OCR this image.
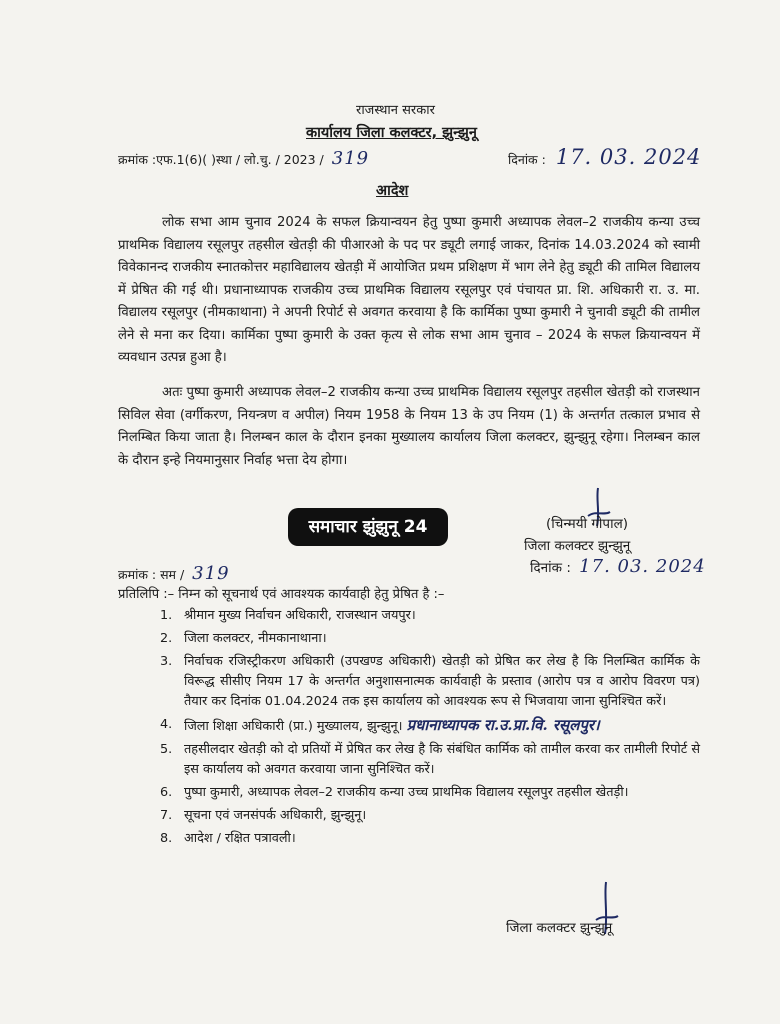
राजस्थान सरकार
कार्यालय जिला कलक्टर, झुन्झुनू
क्रमांक :एफ.1(6)( )स्था / लो.चु. / 2023 / 319	दिनांक : 17. 03. 2024
आदेश
लोक सभा आम चुनाव 2024 के सफल क्रियान्वयन हेतु पुष्पा कुमारी अध्यापक लेवल–2 राजकीय कन्या उच्च प्राथमिक विद्यालय रसूलपुर तहसील खेतड़ी की पीआरओ के पद पर ड्यूटी लगाई जाकर, दिनांक 14.03.2024 को स्वामी विवेकानन्द राजकीय स्नातकोत्तर महाविद्यालय खेतड़ी में आयोजित प्रथम प्रशिक्षण में भाग लेने हेतु ड्यूटी की तामिल विद्यालय में प्रेषित की गई थी। प्रधानाध्यापक राजकीय उच्च प्राथमिक विद्यालय रसूलपुर एवं पंचायत प्रा. शि. अधिकारी रा. उ. मा. विद्यालय रसूलपुर (नीमकाथाना) ने अपनी रिपोर्ट से अवगत करवाया है कि कार्मिका पुष्पा कुमारी ने चुनावी ड्यूटी की तामील लेने से मना कर दिया। कार्मिका पुष्पा कुमारी के उक्त कृत्य से लोक सभा आम चुनाव – 2024 के सफल क्रियान्वयन में व्यवधान उत्पन्न हुआ है।
अतः पुष्पा कुमारी अध्यापक लेवल–2 राजकीय कन्या उच्च प्राथमिक विद्यालय रसूलपुर तहसील खेतड़ी को राजस्थान सिविल सेवा (वर्गीकरण, नियन्त्रण व अपील) नियम 1958 के नियम 13 के उप नियम (1) के अन्तर्गत तत्काल प्रभाव से निलम्बित किया जाता है। निलम्बन काल के दौरान इनका मुख्यालय कार्यालय जिला कलक्टर, झुन्झुनू रहेगा। निलम्बन काल के दौरान इन्हे नियमानुसार निर्वाह भत्ता देय होगा।
समाचार झुंझुनू 24	(चिन्मयी गोपाल)
जिला कलक्टर झुन्झुनू
दिनांक : 17. 03. 2024
क्रमांक : सम / 319
प्रतिलिपि :– निम्न को सूचनार्थ एवं आवश्यक कार्यवाही हेतु प्रेषित है :–
1. श्रीमान मुख्य निर्वाचन अधिकारी, राजस्थान जयपुर।
2. जिला कलक्टर, नीमकानाथाना।
3. निर्वाचक रजिस्ट्रीकरण अधिकारी (उपखण्ड अधिकारी) खेतड़ी को प्रेषित कर लेख है कि निलम्बित कार्मिक के विरूद्ध सीसीए नियम 17 के अन्तर्गत अनुशासनात्मक कार्यवाही के प्रस्ताव (आरोप पत्र व आरोप विवरण पत्र) तैयार कर दिनांक 01.04.2024 तक इस कार्यालय को आवश्यक रूप से भिजवाया जाना सुनिश्चित करें।
4. जिला शिक्षा अधिकारी (प्रा.) मुख्यालय, झुन्झुनू। प्रधानाध्यापक रा.उ.प्रा.वि. रसूलपुर।
5. तहसीलदार खेतड़ी को दो प्रतियों में प्रेषित कर लेख है कि संबंधित कार्मिक को तामील करवा कर तामीली रिपोर्ट से इस कार्यालय को अवगत करवाया जाना सुनिश्चित करें।
6. पुष्पा कुमारी, अध्यापक लेवल–2 राजकीय कन्या उच्च प्राथमिक विद्यालय रसूलपुर तहसील खेतड़ी।
7. सूचना एवं जनसंपर्क अधिकारी, झुन्झुनू।
8. आदेश / रक्षित पत्रावली।
जिला कलक्टर झुन्झुनू
